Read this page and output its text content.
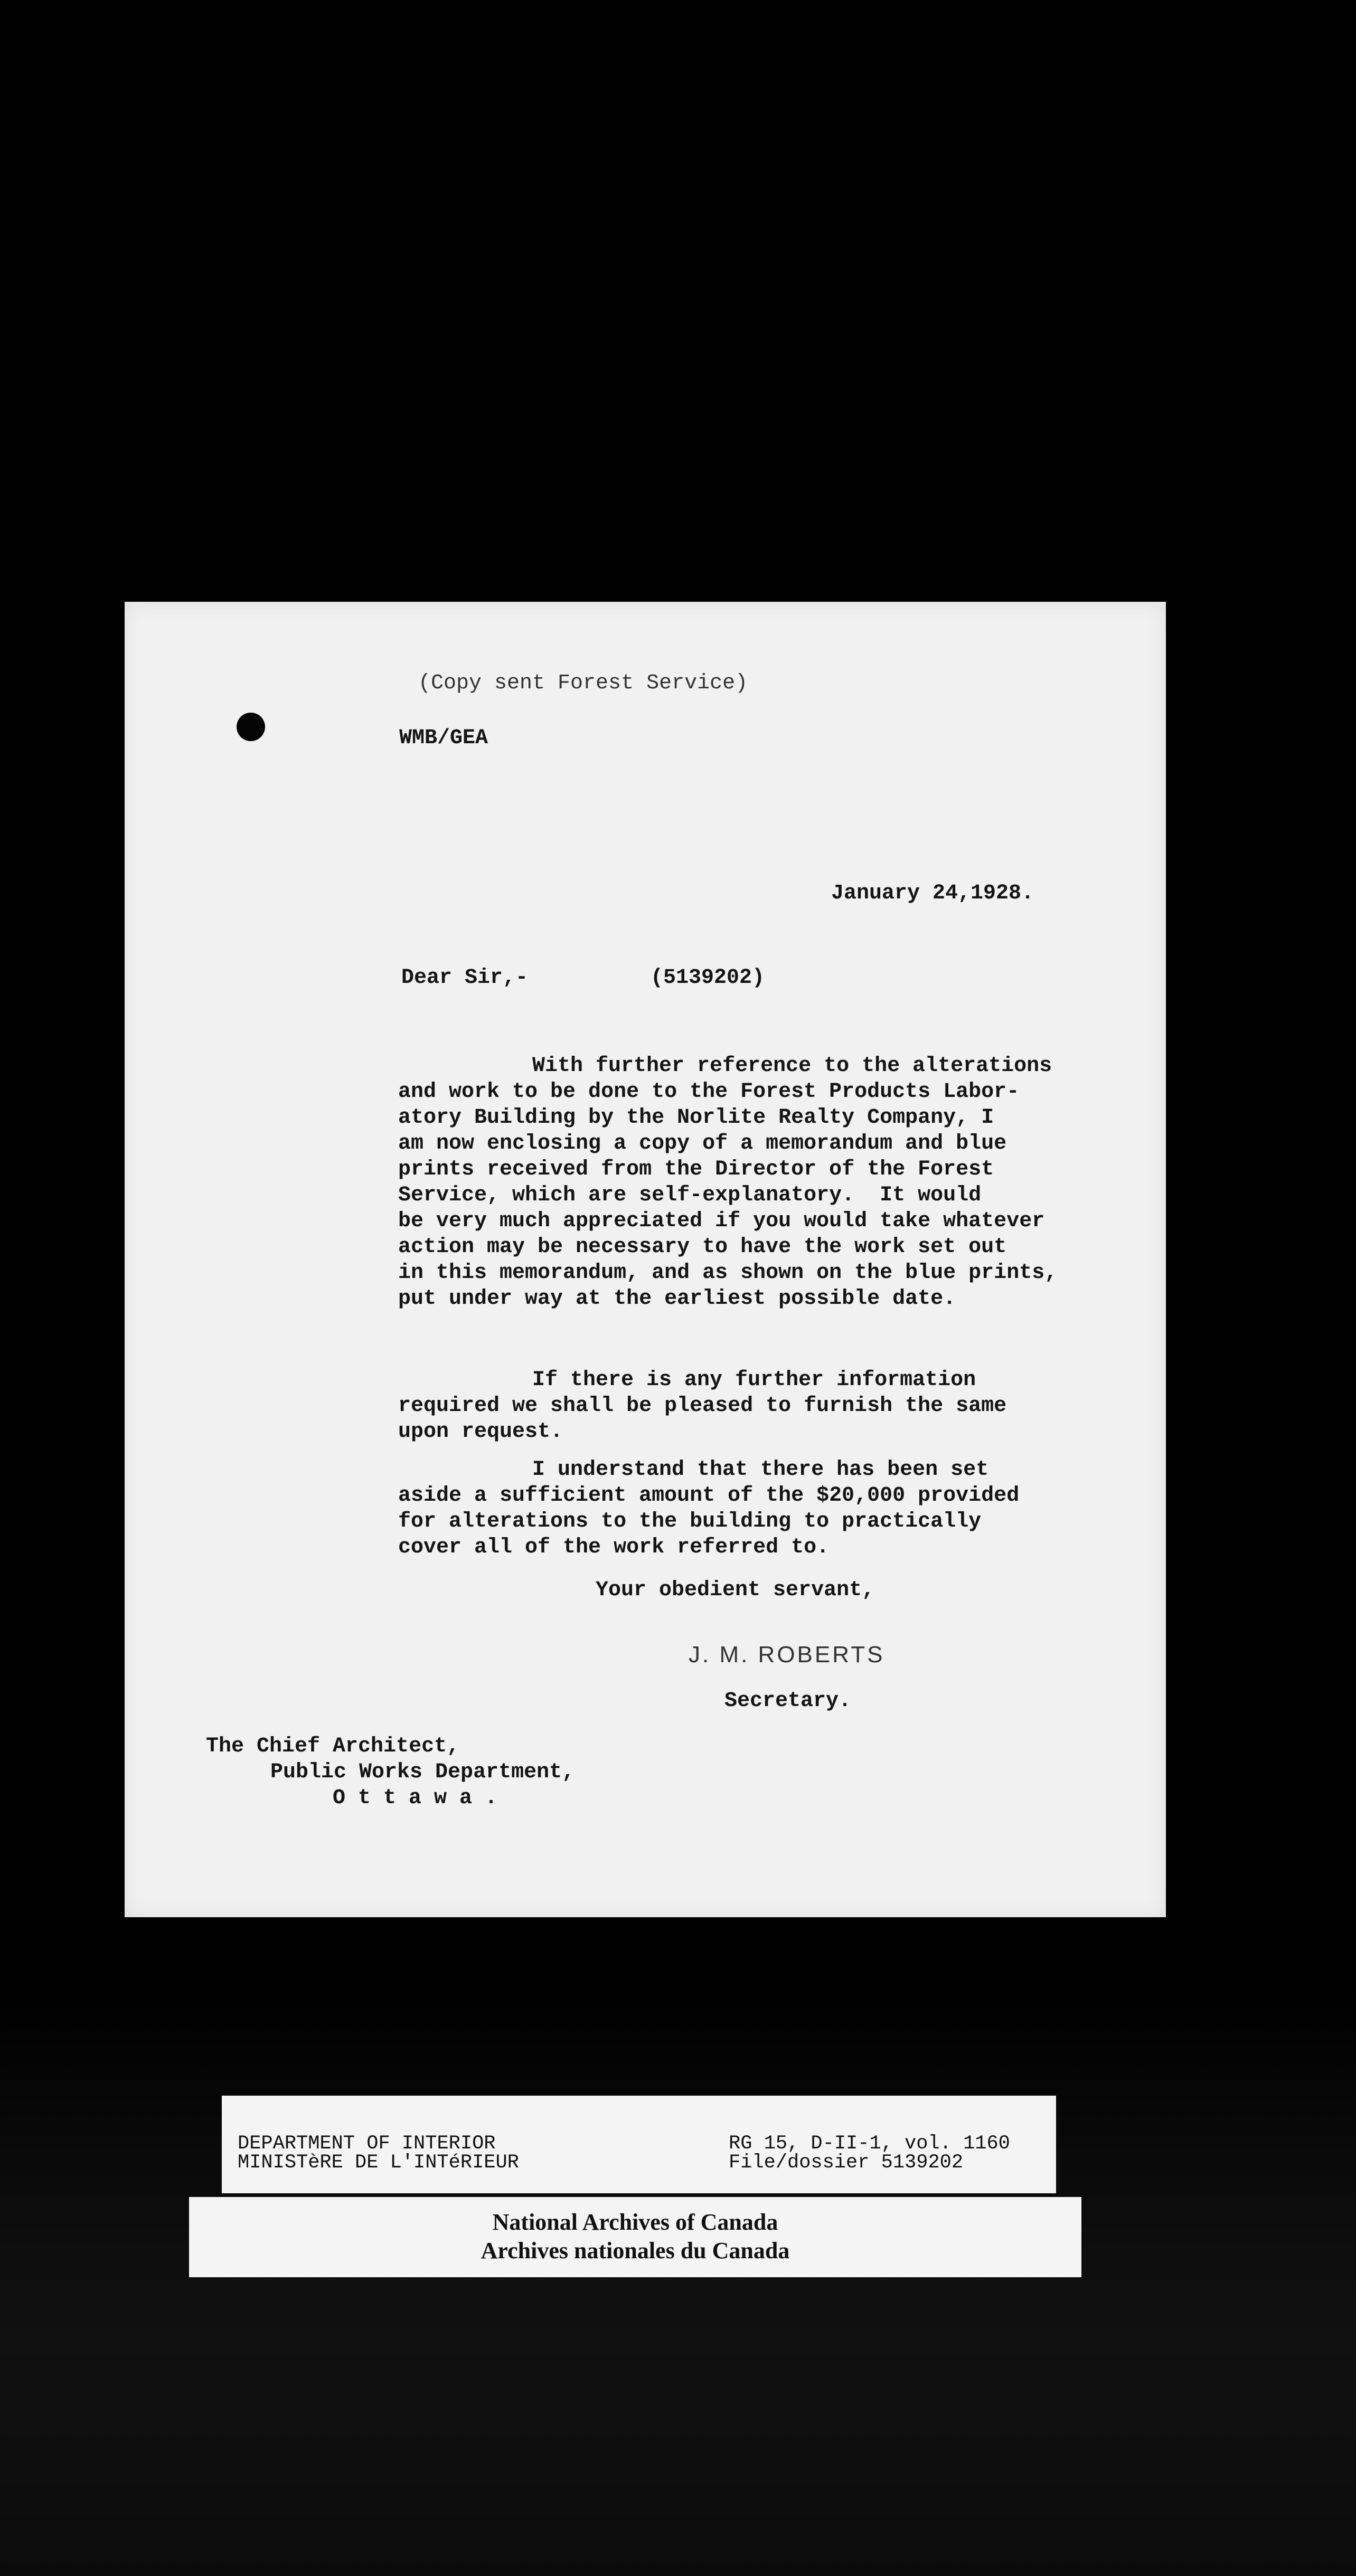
(Copy sent Forest Service)
WMB/GEA
January 24,1928.
Dear Sir,-	(5139202)
With further reference to the alterations
and work to be done to the Forest Products Labor-
atory Building by the Norlite Realty Company, I
am now enclosing a copy of a memorandum and blue
prints received from the Director of the Forest
Service, which are self-explanatory.  It would
be very much appreciated if you would take whatever
action may be necessary to have the work set out
in this memorandum, and as shown on the blue prints,
put under way at the earliest possible date.
If there is any further information
required we shall be pleased to furnish the same
upon request.
I understand that there has been set
aside a sufficient amount of the $20,000 provided
for alterations to the building to practically
cover all of the work referred to.
Your obedient servant,
J. M. ROBERTS
Secretary.
The Chief Architect,
Public Works Department,
O t t a w a .
DEPARTMENT OF INTERIOR
MINISTèRE DE L'INTéRIEUR
RG 15, D-II-1, vol. 1160
File/dossier 5139202
National Archives of Canada
Archives nationales du Canada
